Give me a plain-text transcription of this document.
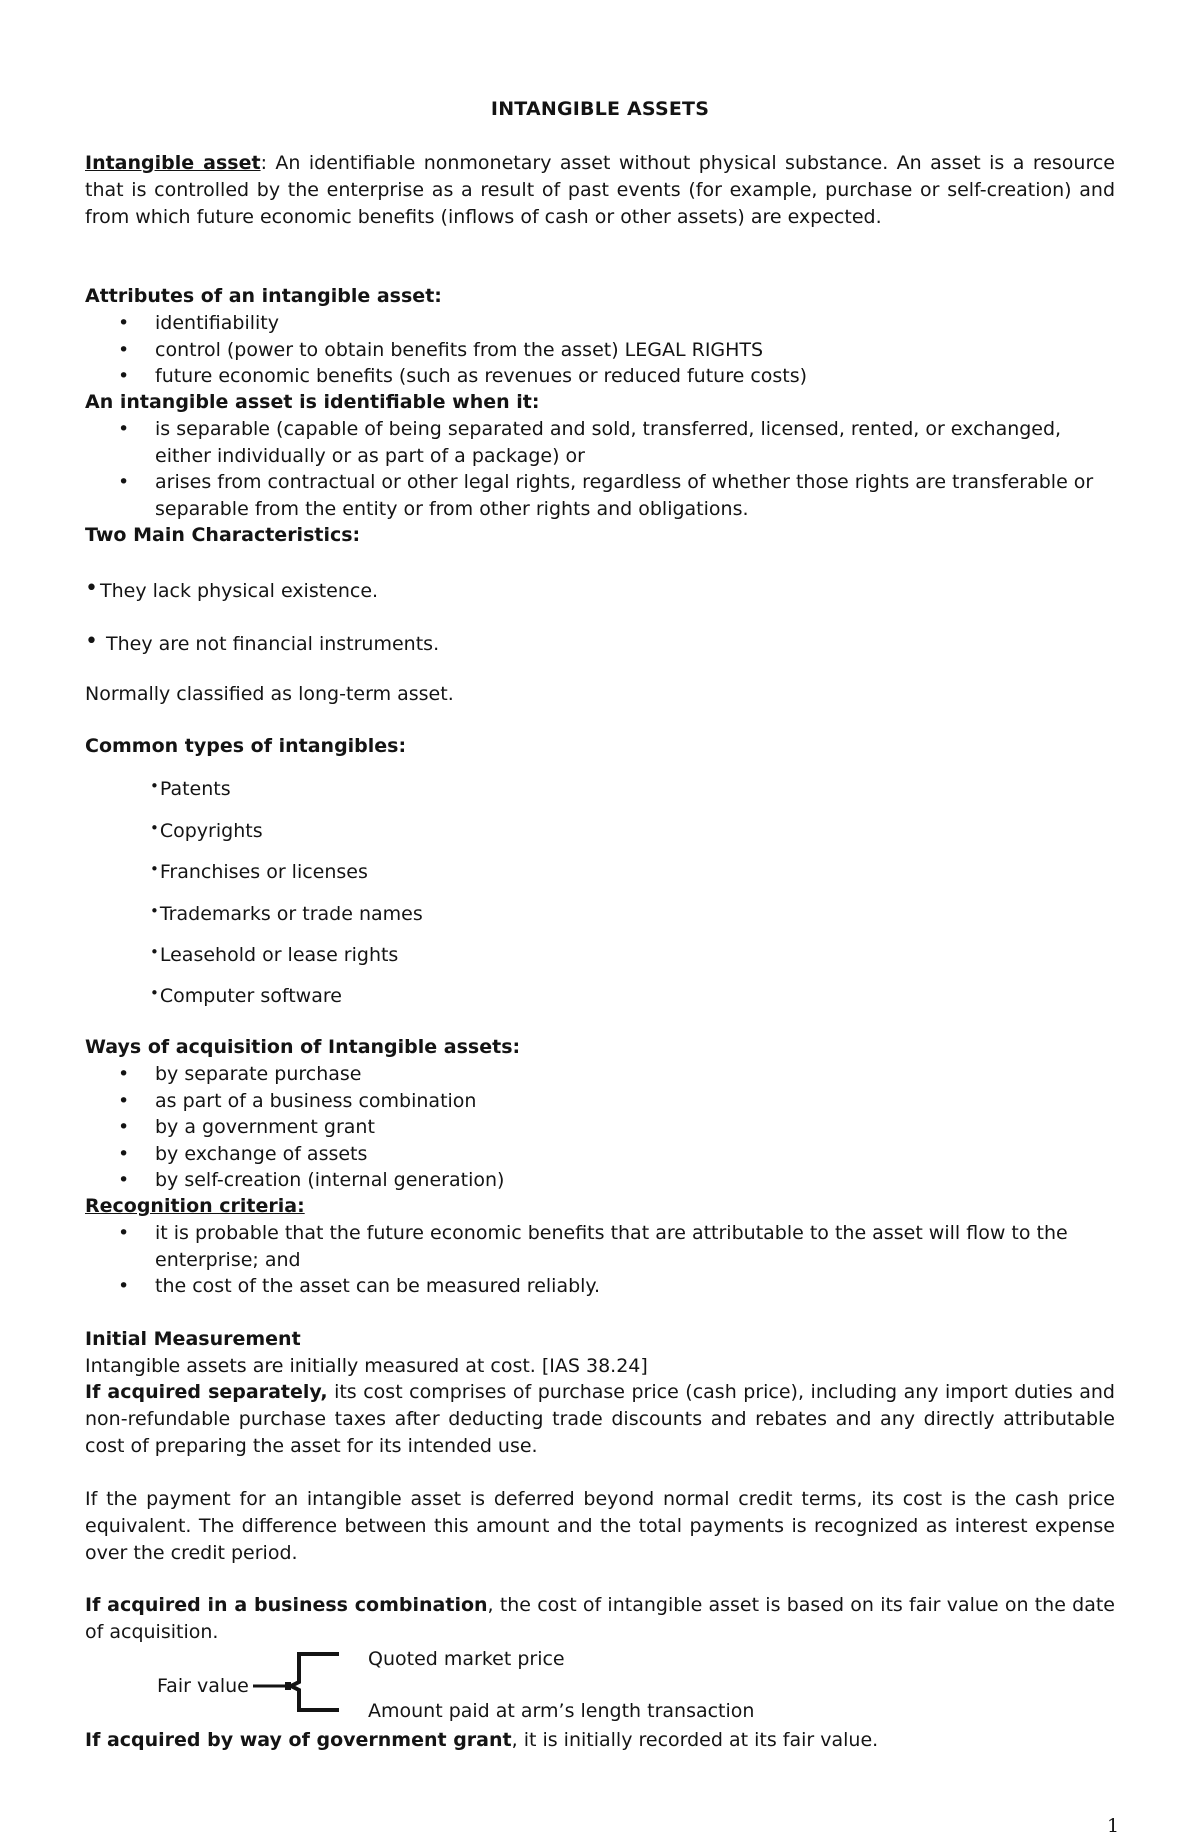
INTANGIBLE ASSETS
Intangible asset: An identifiable nonmonetary asset without physical substance. An asset is a resource that is controlled by the enterprise as a result of past events (for example, purchase or self-creation) and from which future economic benefits (inflows of cash or other assets) are expected.
Attributes of an intangible asset:
• identifiability
• control (power to obtain benefits from the asset) LEGAL RIGHTS
• future economic benefits (such as revenues or reduced future costs)
An intangible asset is identifiable when it:
• is separable (capable of being separated and sold, transferred, licensed, rented, or exchanged, either individually or as part of a package) or
• arises from contractual or other legal rights, regardless of whether those rights are transferable or separable from the entity or from other rights and obligations.
Two Main Characteristics:
• They lack physical existence.
• They are not financial instruments.
Normally classified as long-term asset.
Common types of intangibles:
•Patents
•Copyrights
•Franchises or licenses
•Trademarks or trade names
•Leasehold or lease rights
•Computer software
Ways of acquisition of Intangible assets:
• by separate purchase
• as part of a business combination
• by a government grant
• by exchange of assets
• by self-creation (internal generation)
Recognition criteria:
• it is probable that the future economic benefits that are attributable to the asset will flow to the enterprise; and
• the cost of the asset can be measured reliably.
Initial Measurement
Intangible assets are initially measured at cost. [IAS 38.24]
If acquired separately, its cost comprises of purchase price (cash price), including any import duties and non-refundable purchase taxes after deducting trade discounts and rebates and any directly attributable cost of preparing the asset for its intended use.
If the payment for an intangible asset is deferred beyond normal credit terms, its cost is the cash price equivalent. The difference between this amount and the total payments is recognized as interest expense over the credit period.
If acquired in a business combination, the cost of intangible asset is based on its fair value on the date of acquisition.
Fair value
Quoted market price
Amount paid at arm’s length transaction
If acquired by way of government grant, it is initially recorded at its fair value.
1
